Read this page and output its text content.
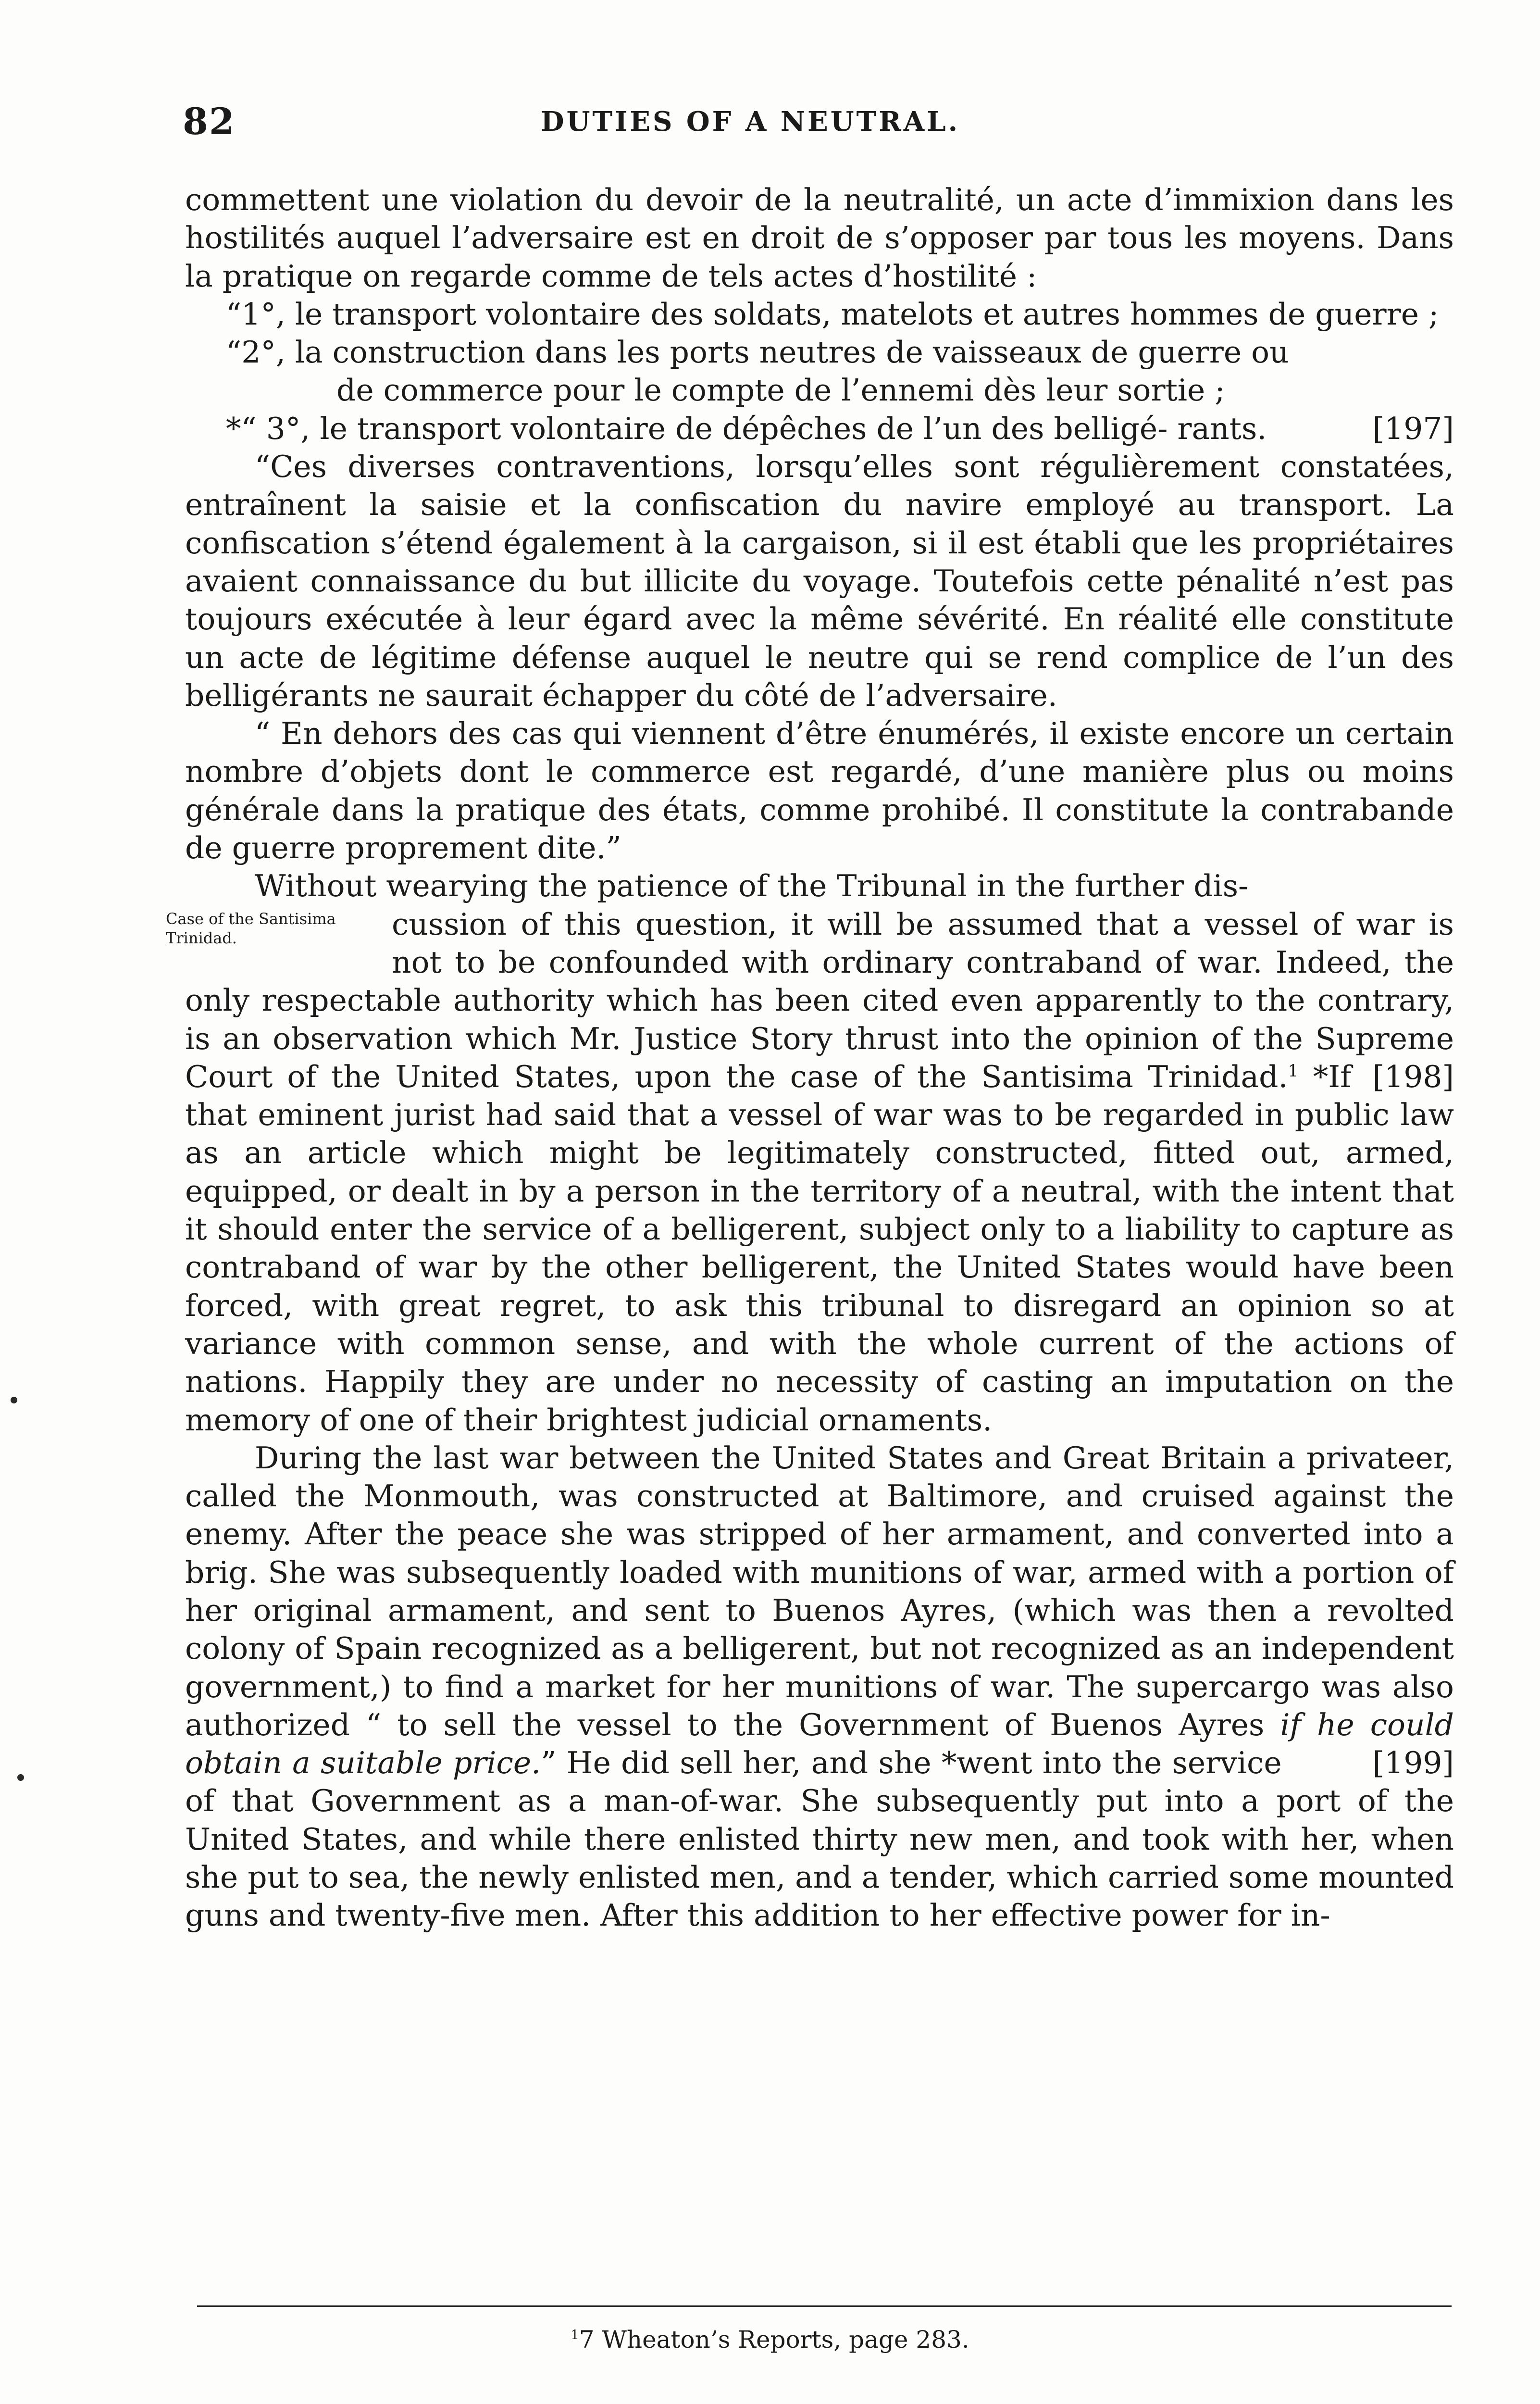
82	DUTIES OF A NEUTRAL.

commettent une violation du devoir de la neutralité, un acte d’immixion dans les hostilités auquel l’adversaire est en droit de s’opposer par tous les moyens. Dans la pratique on regarde comme de tels actes d’hostilité :

“1°, le transport volontaire des soldats, matelots et autres hommes de guerre ;

“2°, la construction dans les ports neutres de vaisseaux de guerre ou
de commerce pour le compte de l’ennemi dès leur sortie ;

[197]
*“ 3°, le transport volontaire de dépêches de l’un des belligé- rants.

“Ces diverses contraventions, lorsqu’elles sont régulièrement constatées, entraînent la saisie et la confiscation du navire employé au transport. La confiscation s’étend également à la cargaison, si il est établi que les propriétaires avaient connaissance du but illicite du voyage. Toutefois cette pénalité n’est pas toujours exécutée à leur égard avec la même sévérité. En réalité elle constitute un acte de légitime défense auquel le neutre qui se rend complice de l’un des belligérants ne saurait échapper du côté de l’adversaire.

“ En dehors des cas qui viennent d’être énumérés, il existe encore un certain nombre d’objets dont le commerce est regardé, d’une manière plus ou moins générale dans la pratique des états, comme prohibé. Il constitute la contrabande de guerre proprement dite.”

Without wearying the patience of the Tribunal in the further dis-

Case of the Santisima Trinidad.	cussion of this question, it will be assumed that a vessel of war is not to be confounded with ordinary contraband of war. Indeed, the only respectable authority which has been cited even apparently to the contrary, is an observation which Mr. Justice Story thrust into the opinion of the Supreme Court of the United States, upon the case of the Santisima Trinidad.$^1$ [198]
*If that eminent jurist had said that a vessel of war was to be regarded in public law as an article which might be legitimately constructed, fitted out, armed, equipped, or dealt in by a person in the territory of a neutral, with the intent that it should enter the service of a belligerent, subject only to a liability to capture as contraband of war by the other belligerent, the United States would have been forced, with great regret, to ask this tribunal to disregard an opinion so at variance with common sense, and with the whole current of the actions of nations. Happily they are under no necessity of casting an imputation on the memory of one of their brightest judicial ornaments.

During the last war between the United States and Great Britain a privateer, called the Monmouth, was constructed at Baltimore, and cruised against the enemy. After the peace she was stripped of her armament, and converted into a brig. She was subsequently loaded with munitions of war, armed with a portion of her original armament, and sent to Buenos Ayres, (which was then a revolted colony of Spain recognized as a belligerent, but not recognized as an independent government,) to find a market for her munitions of war. The supercargo was also authorized “ to sell the vessel to the Government of Buenos Ayres if he could obtain a suitable price.	[199]
” He did sell her, and she *went into the service of that Government as a man-of-war. She subsequently put into a port of the United States, and while there enlisted thirty new men, and took with her, when she put to sea, the newly enlisted men, and a tender, which carried some mounted guns and twenty-five men. After this addition to her effective power for in-

$^1$7 Wheaton’s Reports, page 283.
